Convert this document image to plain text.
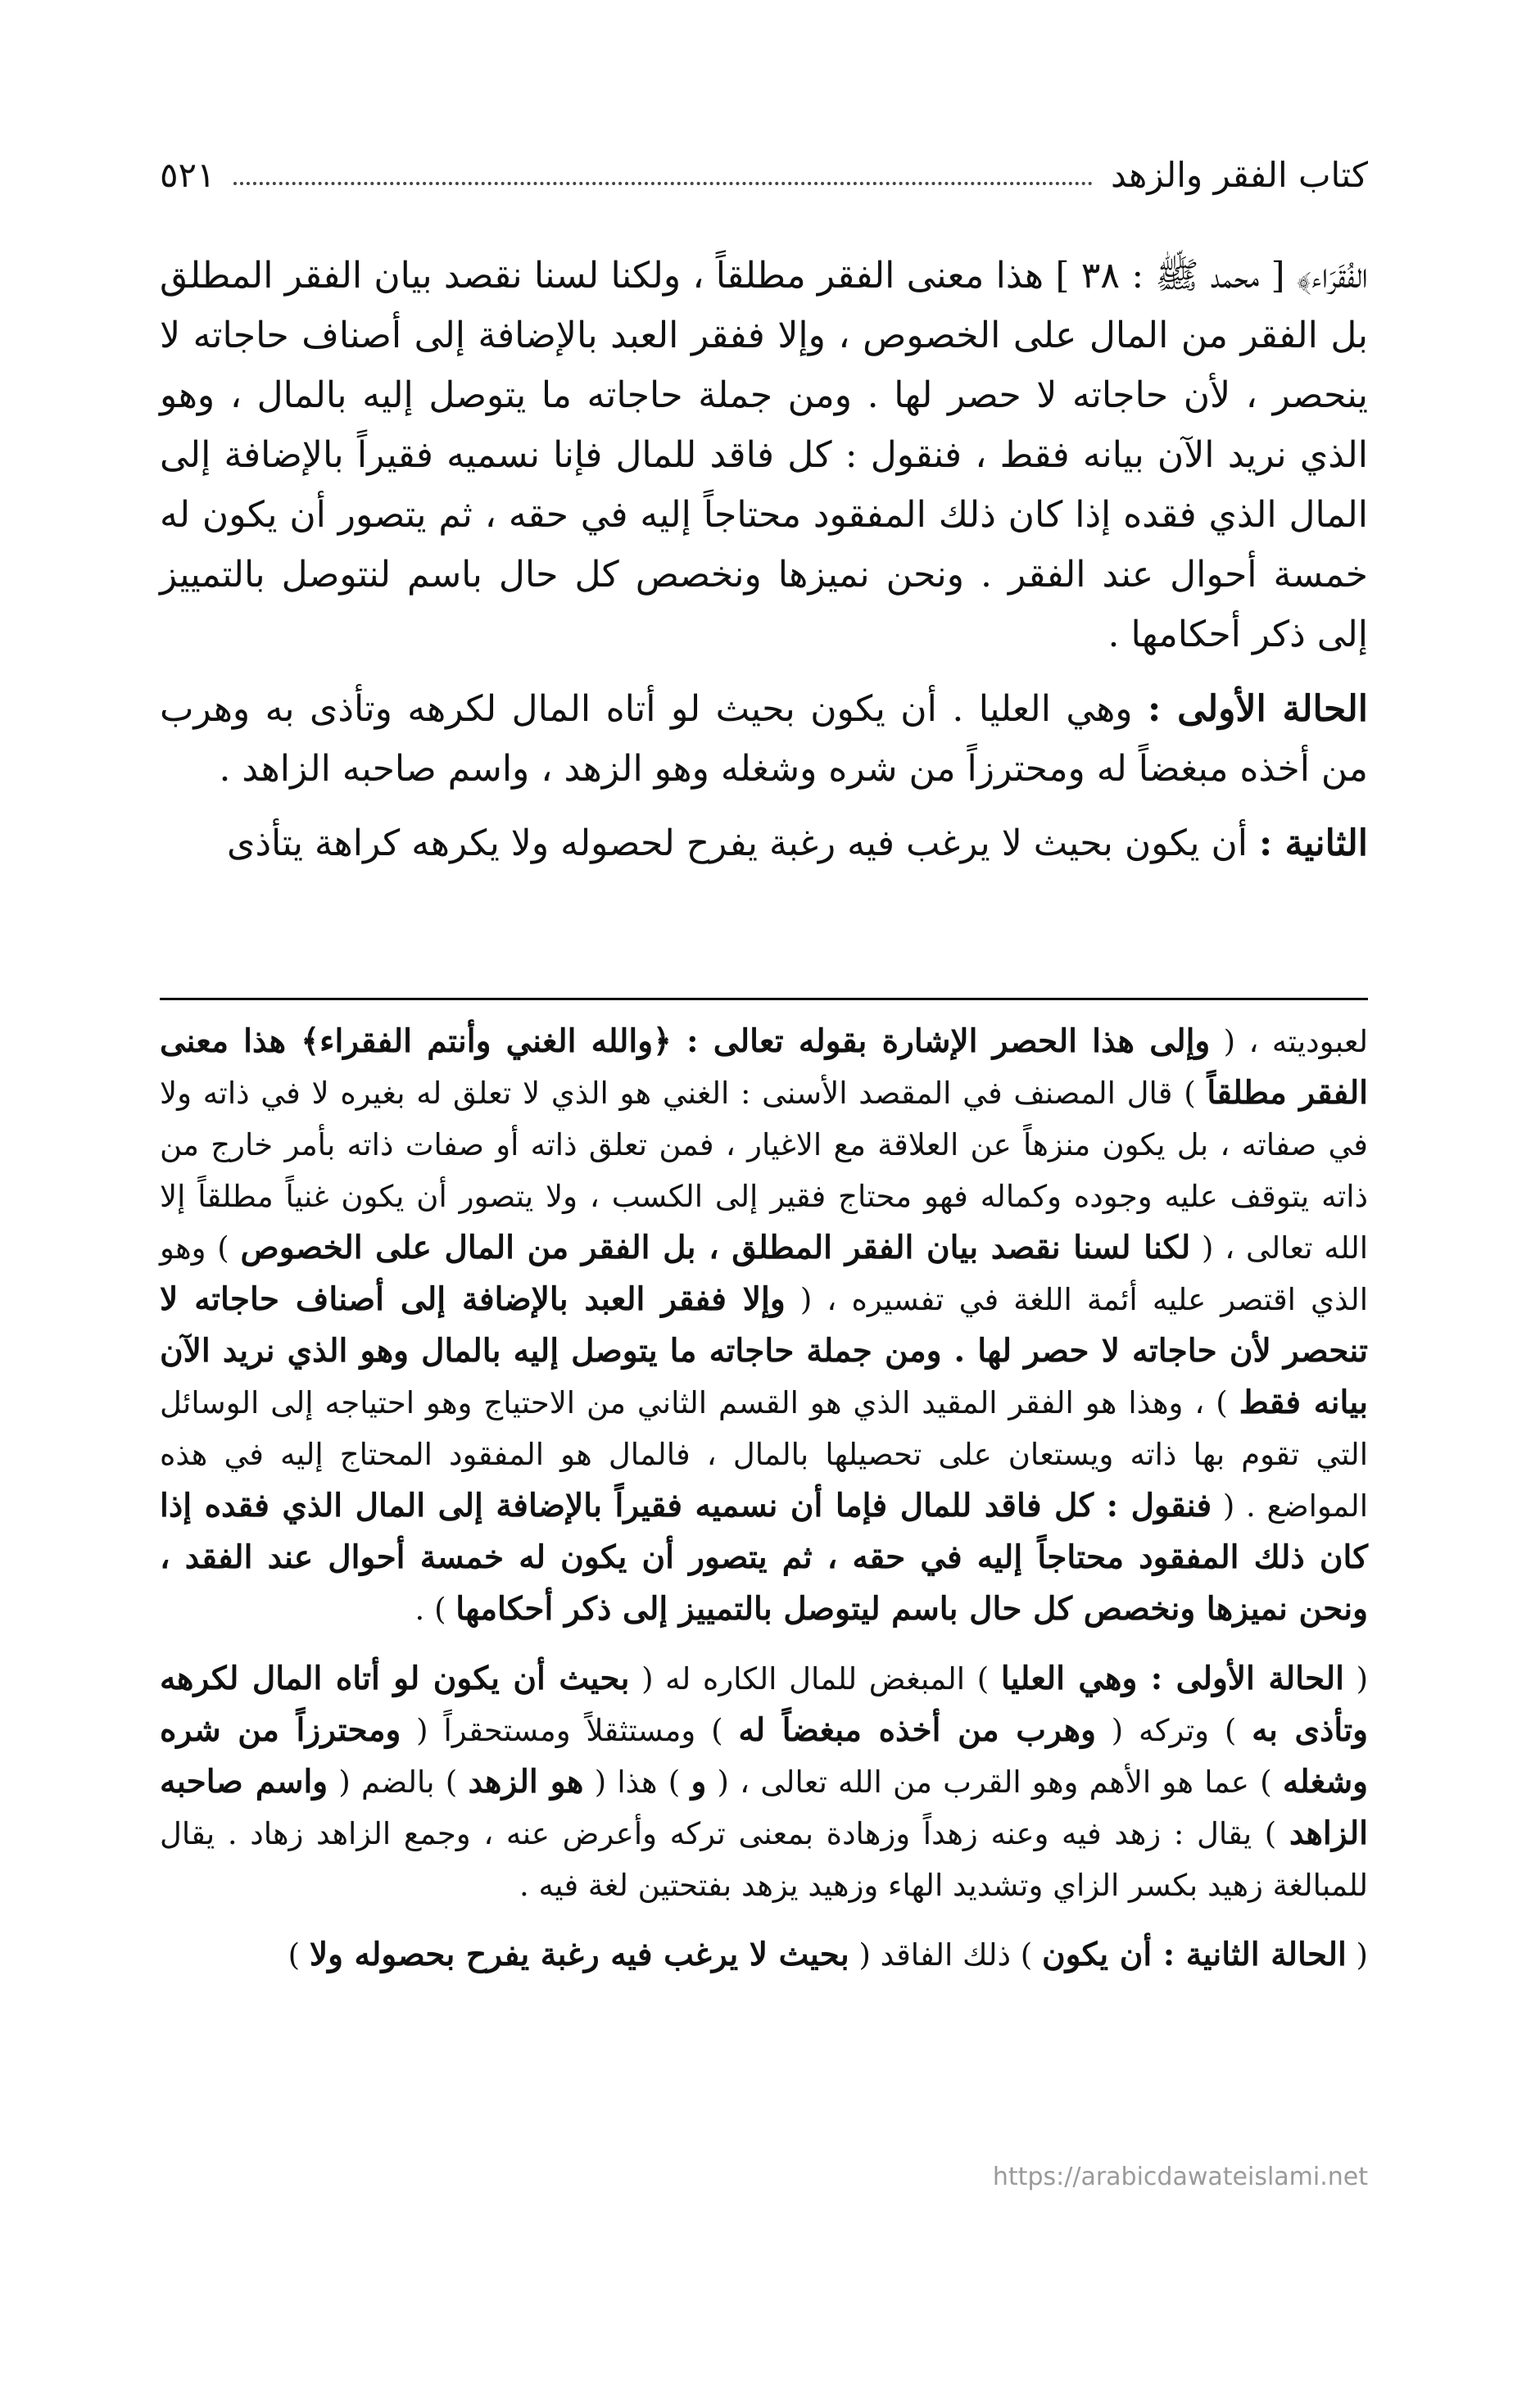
كتاب الفقر والزهد
٥٢١

الفُقَرَاء﴾ [ محمد ﷺ : ٣٨ ] هذا معنى الفقر مطلقاً ، ولكنا لسنا نقصد بيان الفقر المطلق بل الفقر من المال على الخصوص ، وإلا ففقر العبد بالإضافة إلى أصناف حاجاته لا ينحصر ، لأن حاجاته لا حصر لها . ومن جملة حاجاته ما يتوصل إليه بالمال ، وهو الذي نريد الآن بيانه فقط ، فنقول : كل فاقد للمال فإنا نسميه فقيراً بالإضافة إلى المال الذي فقده إذا كان ذلك المفقود محتاجاً إليه في حقه ، ثم يتصور أن يكون له خمسة أحوال عند الفقر . ونحن نميزها ونخصص كل حال باسم لنتوصل بالتمييز إلى ذكر أحكامها .

الحالة الأولى : وهي العليا . أن يكون بحيث لو أتاه المال لكرهه وتأذى به وهرب من أخذه مبغضاً له ومحترزاً من شره وشغله وهو الزهد ، واسم صاحبه الزاهد .

الثانية : أن يكون بحيث لا يرغب فيه رغبة يفرح لحصوله ولا يكرهه كراهة يتأذى

لعبوديته ، ( وإلى هذا الحصر الإشارة بقوله تعالى : ﴿والله الغني وأنتم الفقراء﴾ هذا معنى الفقر مطلقاً ) قال المصنف في المقصد الأسنى : الغني هو الذي لا تعلق له بغيره لا في ذاته ولا في صفاته ، بل يكون منزهاً عن العلاقة مع الاغيار ، فمن تعلق ذاته أو صفات ذاته بأمر خارج من ذاته يتوقف عليه وجوده وكماله فهو محتاج فقير إلى الكسب ، ولا يتصور أن يكون غنياً مطلقاً إلا الله تعالى ، ( لكنا لسنا نقصد بيان الفقر المطلق ، بل الفقر من المال على الخصوص ) وهو الذي اقتصر عليه أئمة اللغة في تفسيره ، ( وإلا ففقر العبد بالإضافة إلى أصناف حاجاته لا تنحصر لأن حاجاته لا حصر لها . ومن جملة حاجاته ما يتوصل إليه بالمال وهو الذي نريد الآن بيانه فقط ) ، وهذا هو الفقر المقيد الذي هو القسم الثاني من الاحتياج وهو احتياجه إلى الوسائل التي تقوم بها ذاته ويستعان على تحصيلها بالمال ، فالمال هو المفقود المحتاج إليه في هذه المواضع . ( فنقول : كل فاقد للمال فإما أن نسميه فقيراً بالإضافة إلى المال الذي فقده إذا كان ذلك المفقود محتاجاً إليه في حقه ، ثم يتصور أن يكون له خمسة أحوال عند الفقد ، ونحن نميزها ونخصص كل حال باسم ليتوصل بالتمييز إلى ذكر أحكامها ) .

( الحالة الأولى : وهي العليا ) المبغض للمال الكاره له ( بحيث أن يكون لو أتاه المال لكرهه وتأذى به ) وتركه ( وهرب من أخذه مبغضاً له ) ومستثقلاً ومستحقراً ( ومحترزاً من شره وشغله ) عما هو الأهم وهو القرب من الله تعالى ، ( و ) هذا ( هو الزهد ) بالضم ( واسم صاحبه الزاهد ) يقال : زهد فيه وعنه زهداً وزهادة بمعنى تركه وأعرض عنه ، وجمع الزاهد زهاد . يقال للمبالغة زهيد بكسر الزاي وتشديد الهاء وزهيد يزهد بفتحتين لغة فيه .

( الحالة الثانية : أن يكون ) ذلك الفاقد ( بحيث لا يرغب فيه رغبة يفرح بحصوله ولا )

https://arabicdawateislami.net
